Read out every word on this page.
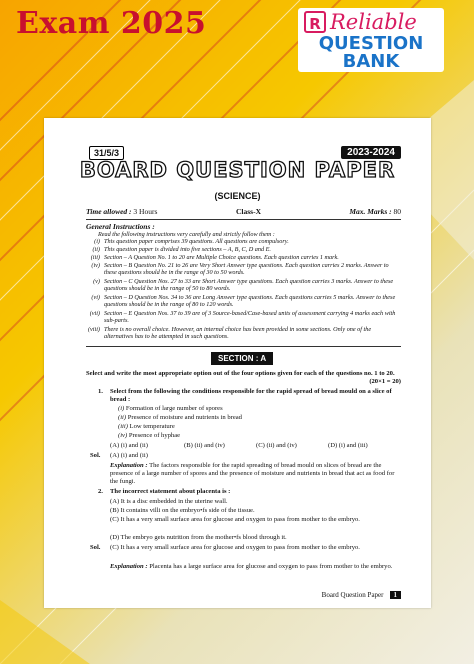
Exam 2025	R Reliable
QUESTION
BANK
31/5/3	2023-2024
BOARD QUESTION PAPER
(SCIENCE)
Time allowed : 3 Hours	Class-X	Max. Marks : 80
General Instructions :
Read the following instructions very carefully and strictly follow them :
(i) This question paper comprises 39 questions. All questions are compulsory.
(ii) This question paper is divided into five sections – A, B, C, D and E.
(iii) Section – A Question No. 1 to 20 are Multiple Choice questions. Each question carries 1 mark.
(iv) Section – B Question No. 21 to 26 are Very Short Answer type questions. Each question carries 2 marks. Answer to these questions should be in the range of 30 to 50 words.
(v) Section – C Question Nos. 27 to 33 are Short Answer type questions. Each question carries 3 marks. Answer to these questions should be in the range of 50 to 80 words.
(vi) Section – D Question Nos. 34 to 36 are Long Answer type questions. Each questions carries 5 marks. Answer to these questions should be in the range of 80 to 120 words.
(vii) Section – E Question Nos. 37 to 39 are of 3 Source-based/Case-based units of assessment carrying 4 marks each with sub-parts.
(viii) There is no overall choice. However, an internal choice has been provided in some sections. Only one of the alternatives has to be attempted in such questions.
SECTION : A
Select and write the most appropriate option out of the four options given for each of the questions no. 1 to 20.
(20×1 = 20)
1. Select from the following the conditions responsible for the rapid spread of bread mould on a slice of bread :
(i) Formation of large number of spores
(ii) Presence of moisture and nutrients in bread
(iii) Low temperature
(iv) Presence of hyphae
(A) (i) and (ii)	(B) (ii) and (iv)	(C) (ii) and (iv)	(D) (i) and (iii)
Sol. (A) (i) and (ii)
Explanation : The factors responsible for the rapid spreading of bread mould on slices of bread are the presence of a large number of spores and the presence of moisture and nutrients in bread that act as food for the fungi.
2. The incorrect statement about placenta is :
(A) It is a disc embedded in the uterine wall.
(B) It contains villi on the embryo•fs side of the tissue.
(C) It has a very small surface area for glucose and oxygen to pass from mother to the embryo.
(D) The embryo gets nutrition from the mother•fs blood through it.
Sol. (C) It has a very small surface area for glucose and oxygen to pass from mother to the embryo.
Explanation : Placenta has a large surface area for glucose and oxygen to pass from mother to the embryo.
Board Question Paper	1
